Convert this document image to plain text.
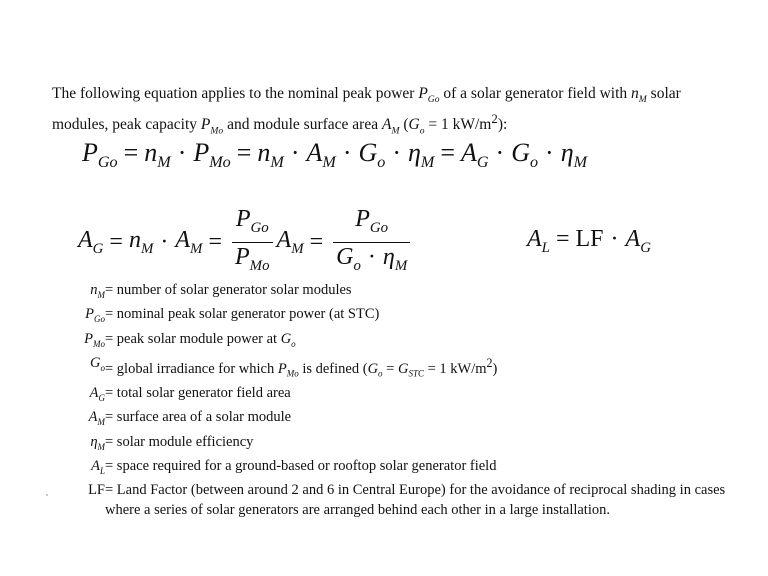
The following equation applies to the nominal peak power $P_{Go}$ of a solar generator field with $n_M$ solar modules, peak capacity $P_{Mo}$ and module surface area $A_M$ ($G_o = 1$ $kW/m^2$):
$P_{Go} = n_M \cdot P_{Mo} = n_M \cdot A_M \cdot G_o \cdot \eta_M = A_G \cdot G_o \cdot \eta_M$
$A_G = n_M \cdot A_M = \frac{P_{Go}}{P_{Mo}} A_M = \frac{P_{Go}}{G_o \cdot \eta_M}$	$A_L$ = LF · $A_G$
$n_M$ = number of solar generator solar modules
$P_{Go}$ = nominal peak solar generator power (at STC)
$P_{Mo}$ = peak solar module power at $G_o$
$G_o$ = global irradiance for which $P_{Mo}$ is defined ($G_o = G_{STC} = 1$ $kW/m^2$)
$A_G$ = total solar generator field area
$A_M$ = surface area of a solar module
$\eta_M$ = solar module efficiency
$A_L$ = space required for a ground-based or rooftop solar generator field
LF = Land Factor (between around 2 and 6 in Central Europe) for the avoidance of reciprocal shading in cases where a series of solar generators are arranged behind each other in a large installation.
